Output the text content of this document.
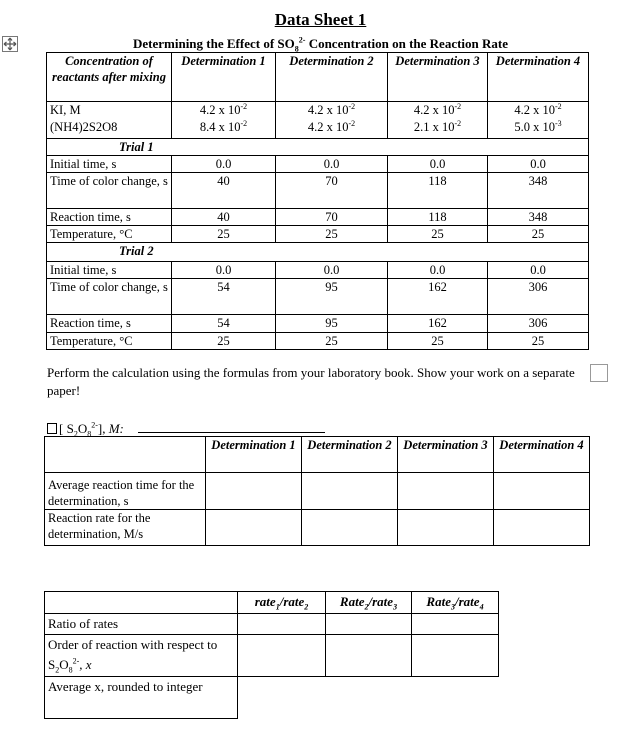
Data Sheet 1
Determining the Effect of $SO_8^{2-}$ Concentration on the Reaction Rate
Concentration of reactants after mixing	Determination 1	Determination 2	Determination 3	Determination 4
KI, M	4.2 x $10^{-2}$	4.2 x $10^{-2}$	4.2 x $10^{-2}$	4.2 x $10^{-2}$
(NH4)2S2O8	8.4 x $10^{-2}$	4.2 x $10^{-2}$	2.1 x $10^{-2}$	5.0 x $10^{-3}$
Trial 1				
Initial time, s	0.0	0.0	0.0	0.0
Time of color change, s	40	70	118	348
Reaction time, s	40	70	118	348
Temperature, °C	25	25	25	25
Trial 2				
Initial time, s	0.0	0.0	0.0	0.0
Time of color change, s	54	95	162	306
Reaction time, s	54	95	162	306
Temperature, °C	25	25	25	25
Perform the calculation using the formulas from your laboratory book. Show your work on a separate paper!
[ $S_2O_8^{2-}$], M:
	Determination 1	Determination 2	Determination 3	Determination 4
Average reaction time for the determination, s				
Reaction rate for the determination, M/s				
	rate$_1$/rate$_2$	Rate$_2$/rate$_3$	Rate$_3$/rate$_4$
Ratio of rates			
Order of reaction with respect to $S_2O_8^{2-}$, x			
Average x, rounded to integer			
